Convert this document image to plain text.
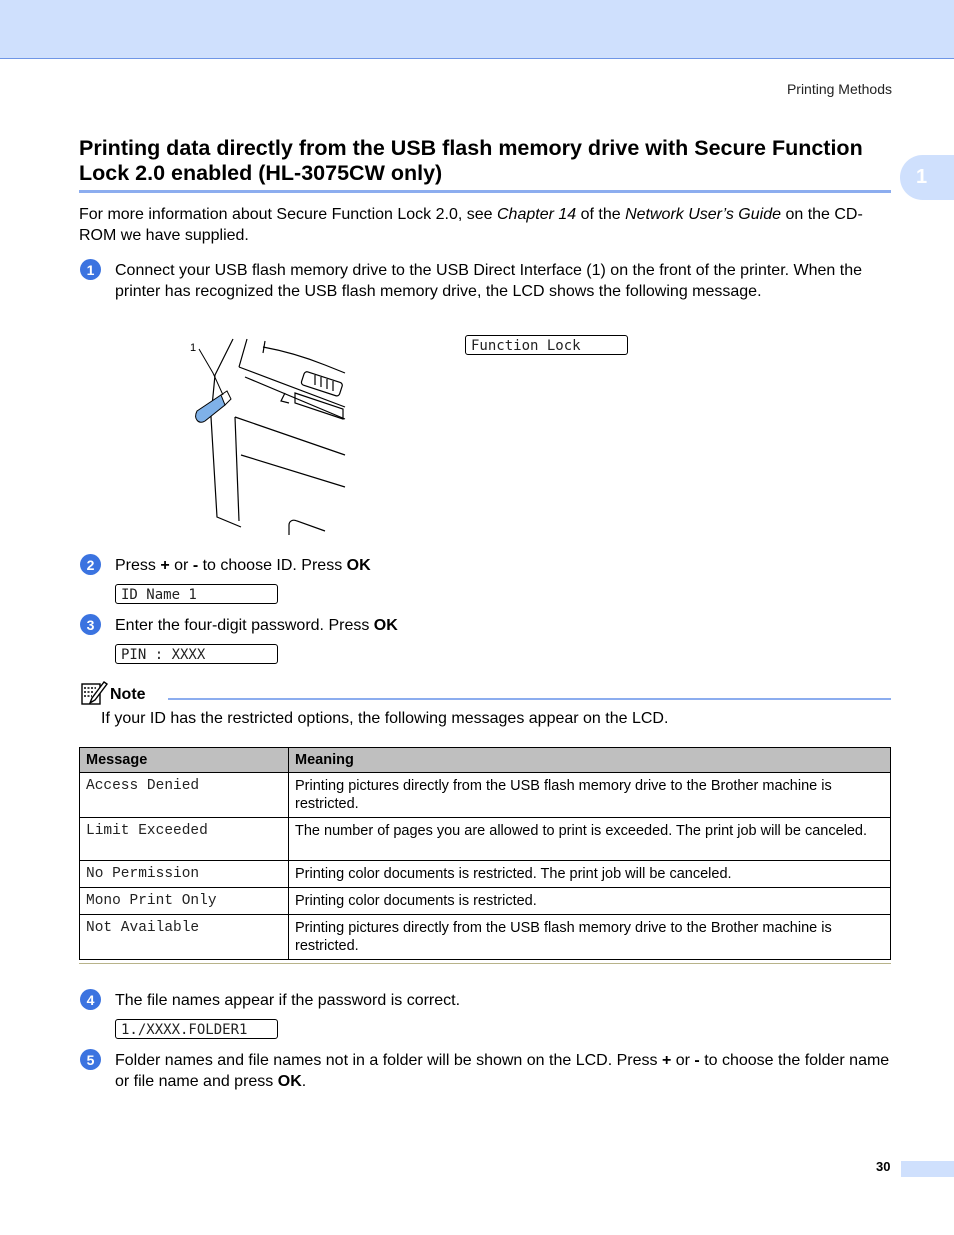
Printing Methods
1
Printing data directly from the USB flash memory drive with Secure Function Lock 2.0 enabled (HL-3075CW only)
For more information about Secure Function Lock 2.0, see Chapter 14 of the Network User’s Guide on the CD-ROM we have supplied.
1	Connect your USB flash memory drive to the USB Direct Interface (1) on the front of the printer. When the printer has recognized the USB flash memory drive, the LCD shows the following message.
1	Function Lock
2	Press + or - to choose ID. Press OK
ID Name 1
3	Enter the four-digit password. Press OK
PIN : XXXX
Note
If your ID has the restricted options, the following messages appear on the LCD.
Message	Meaning
Access Denied	Printing pictures directly from the USB flash memory drive to the Brother machine is restricted.
Limit Exceeded	The number of pages you are allowed to print is exceeded. The print job will be canceled.
No Permission	Printing color documents is restricted. The print job will be canceled.
Mono Print Only	Printing color documents is restricted.
Not Available	Printing pictures directly from the USB flash memory drive to the Brother machine is restricted.
4	The file names appear if the password is correct.
1./XXXX.FOLDER1
5	Folder names and file names not in a folder will be shown on the LCD. Press + or - to choose the folder name or file name and press OK.
30
